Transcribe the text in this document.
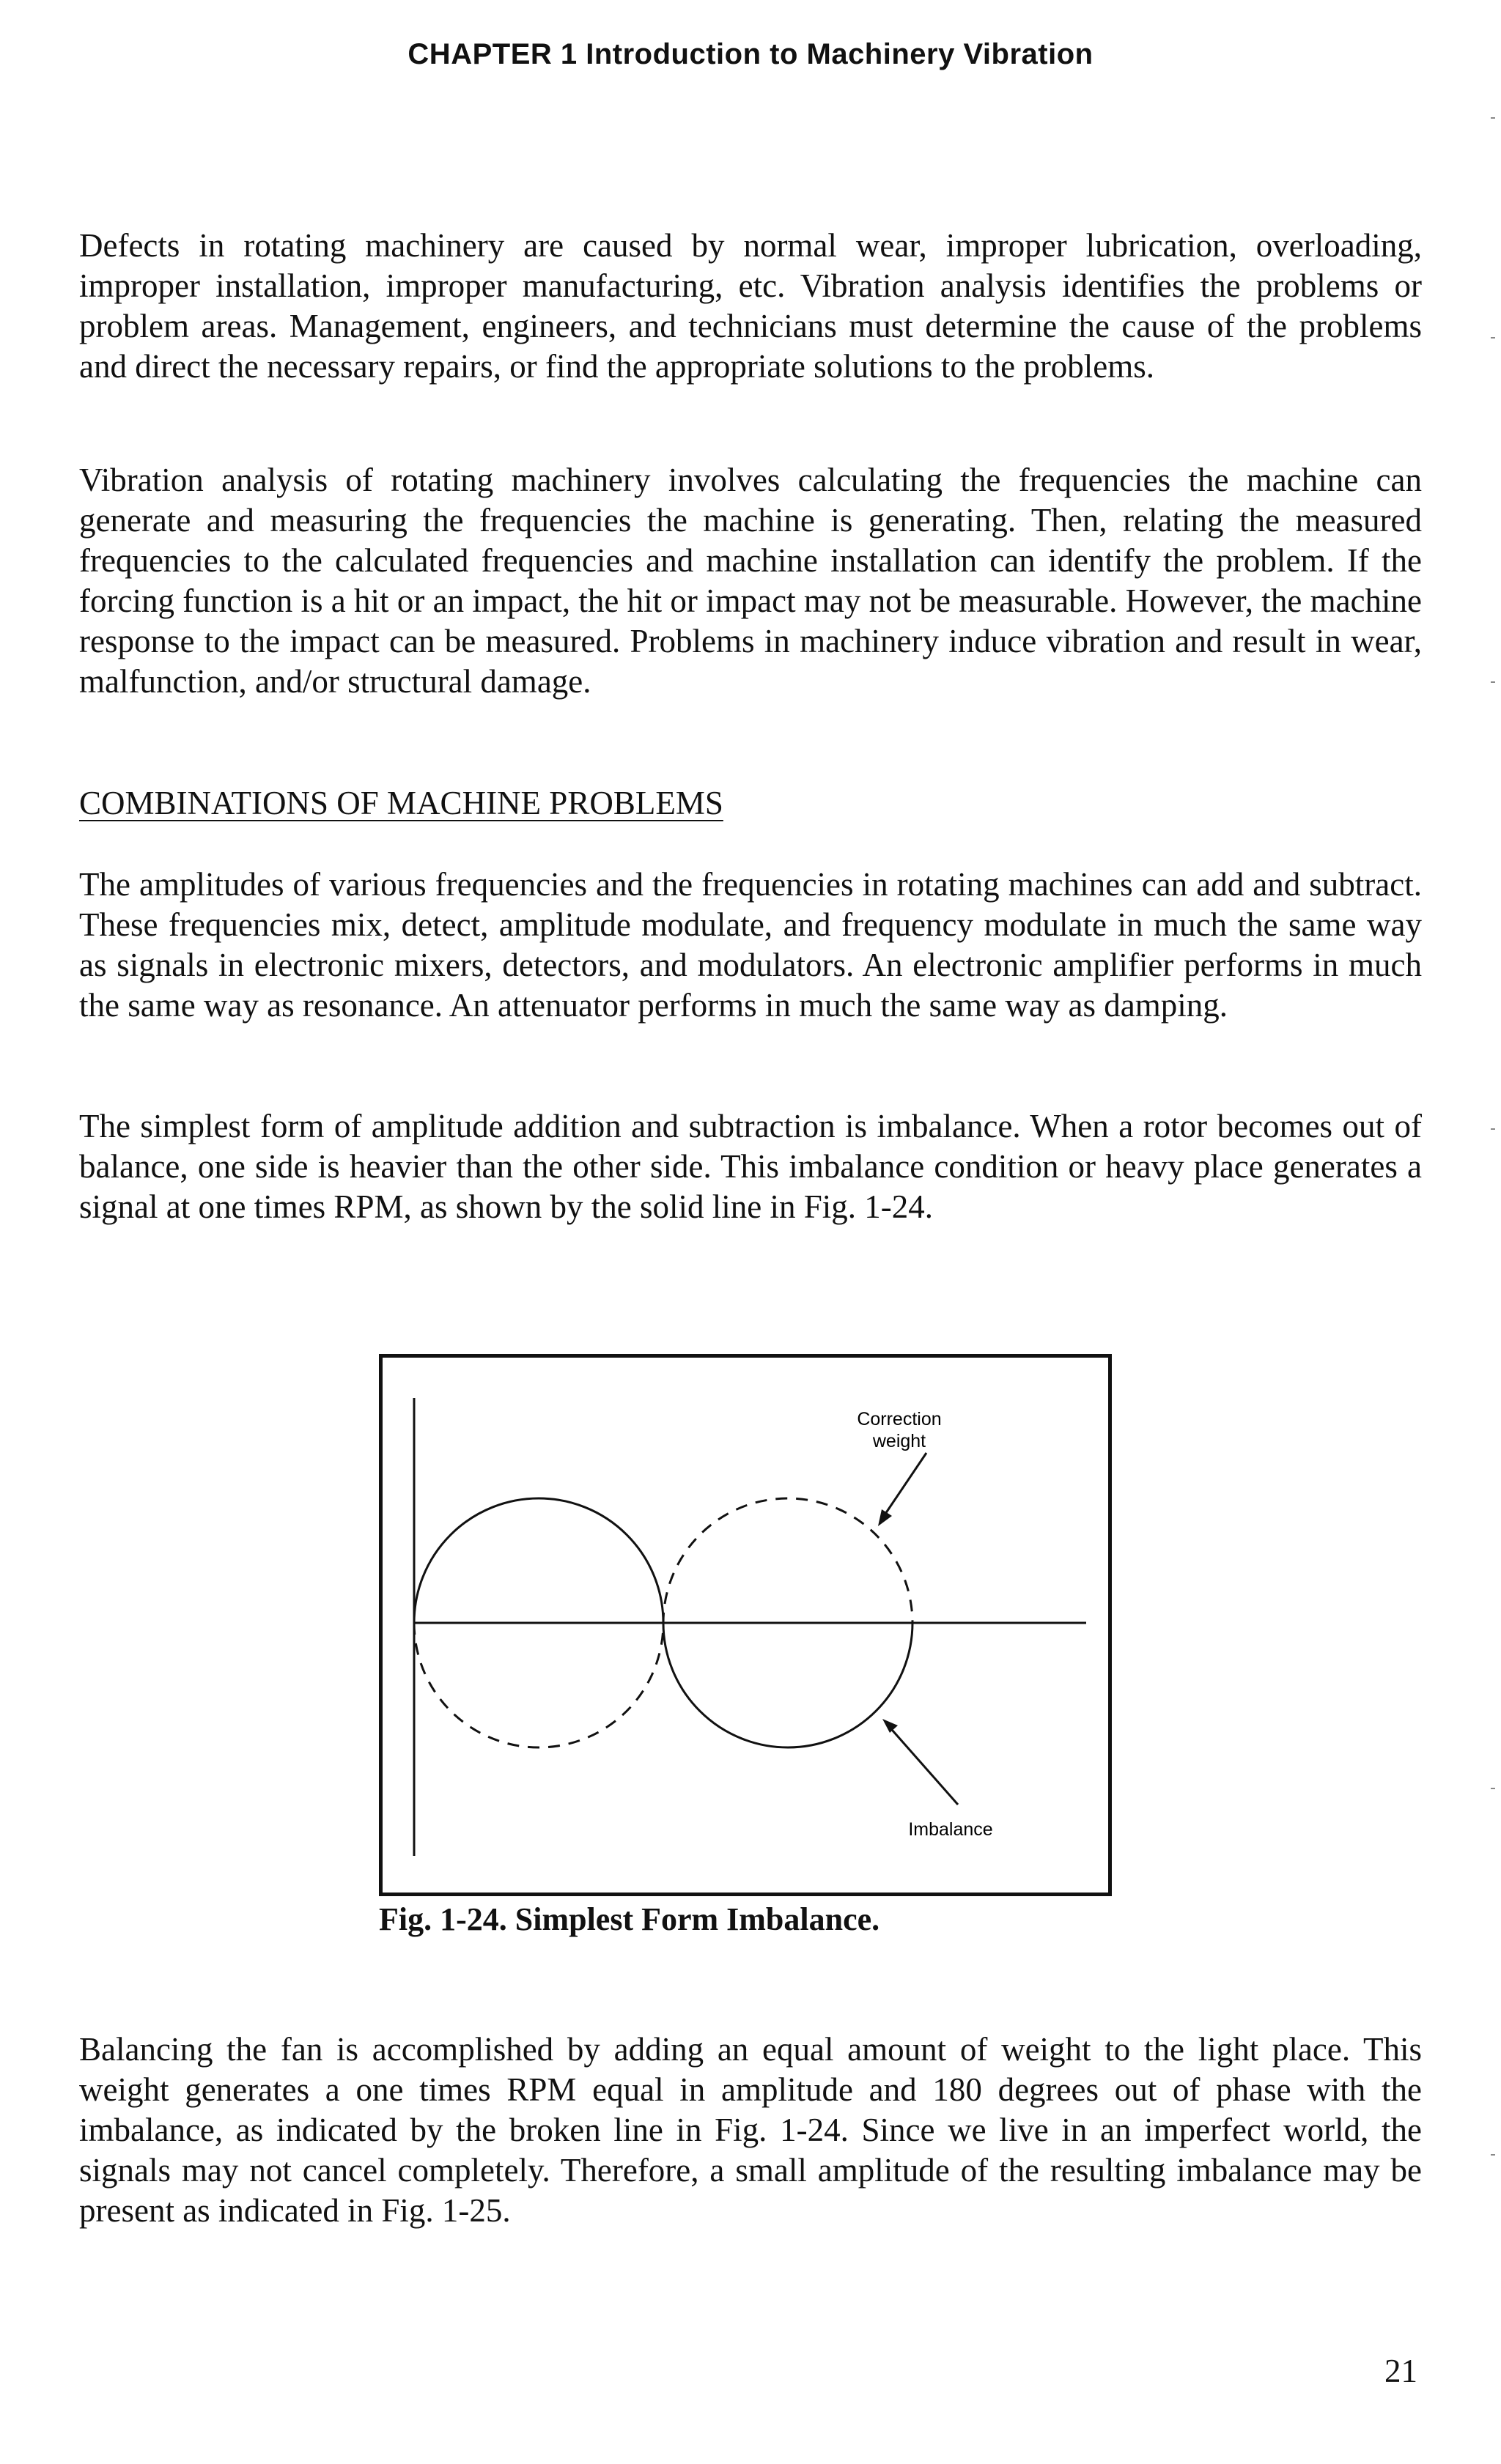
CHAPTER 1 Introduction to Machinery Vibration

Defects in rotating machinery are caused by normal wear, improper lubrication, overloading, improper installation, improper manufacturing, etc. Vibration analysis identifies the problems or problem areas. Management, engineers, and technicians must determine the cause of the problems and direct the necessary repairs, or find the appropriate solutions to the problems.

Vibration analysis of rotating machinery involves calculating the frequencies the machine can generate and measuring the frequencies the machine is generating. Then, relating the measured frequencies to the calculated frequencies and machine installation can identify the problem. If the forcing function is a hit or an impact, the hit or impact may not be measurable. However, the machine response to the impact can be measured. Problems in machinery induce vibration and result in wear, malfunction, and/or structural damage.

COMBINATIONS OF MACHINE PROBLEMS

The amplitudes of various frequencies and the frequencies in rotating machines can add and subtract. These frequencies mix, detect, amplitude modulate, and frequency modulate in much the same way as signals in electronic mixers, detectors, and modulators. An electronic amplifier performs in much the same way as resonance. An attenuator performs in much the same way as damping.

The simplest form of amplitude addition and subtraction is imbalance. When a rotor becomes out of balance, one side is heavier than the other side. This imbalance condition or heavy place generates a signal at one times RPM, as shown by the solid line in Fig. 1-24.

Correction
weight
Imbalance

Fig. 1-24. Simplest Form Imbalance.

Balancing the fan is accomplished by adding an equal amount of weight to the light place. This weight generates a one times RPM equal in amplitude and 180 degrees out of phase with the imbalance, as indicated by the broken line in Fig. 1-24. Since we live in an imperfect world, the signals may not cancel completely. Therefore, a small amplitude of the resulting imbalance may be present as indicated in Fig. 1-25.

21
